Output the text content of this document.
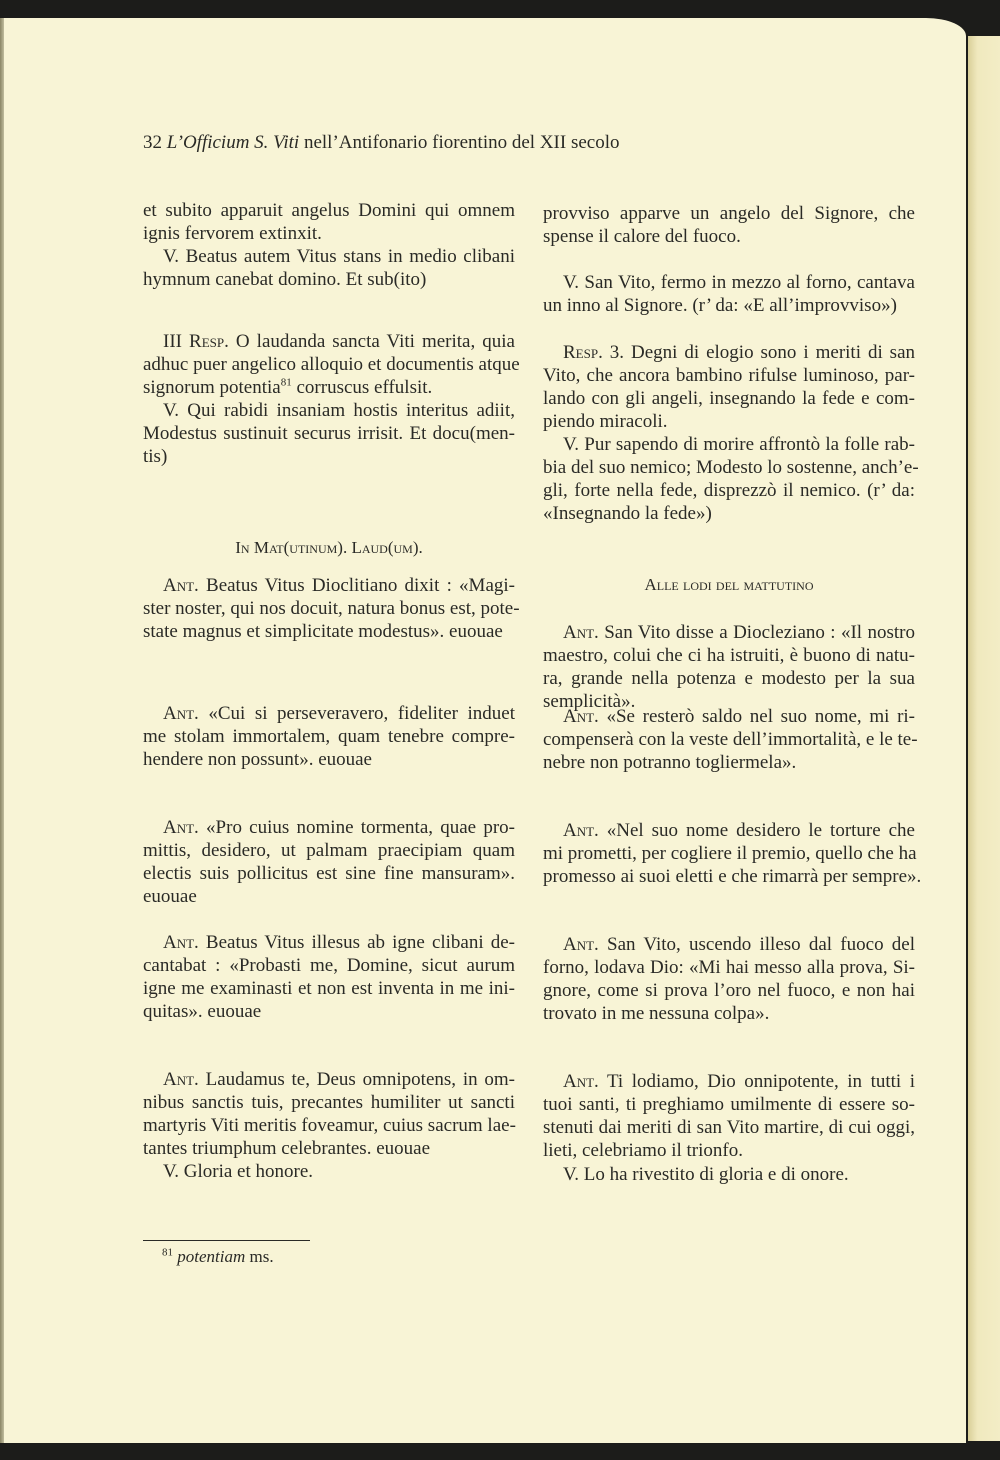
32 L’Officium S. Viti nell’Antifonario fiorentino del XII secolo
et subito apparuit angelus Domini qui omnem
ignis fervorem extinxit.
V. Beatus autem Vitus stans in medio clibani
hymnum canebat domino. Et sub(ito)
III Resp. O laudanda sancta Viti merita, quia
adhuc puer angelico alloquio et documentis atque
signorum potentia$^{81}$ corruscus effulsit.
V. Qui rabidi insaniam hostis interitus adiit,
Modestus sustinuit securus irrisit. Et docu(men-
tis)
Ant. Beatus Vitus Dioclitiano dixit : «Magi-
ster noster, qui nos docuit, natura bonus est, pote-
state magnus et simplicitate modestus». euouae
Ant. «Cui si perseveravero, fideliter induet
me stolam immortalem, quam tenebre compre-
hendere non possunt». euouae
Ant. «Pro cuius nomine tormenta, quae pro-
mittis, desidero, ut palmam praecipiam quam
electis suis pollicitus est sine fine mansuram».
euouae
Ant. Beatus Vitus illesus ab igne clibani de-
cantabat : «Probasti me, Domine, sicut aurum
igne me examinasti et non est inventa in me ini-
quitas». euouae
Ant. Laudamus te, Deus omnipotens, in om-
nibus sanctis tuis, precantes humiliter ut sancti
martyris Viti meritis foveamur, cuius sacrum lae-
tantes triumphum celebrantes. euouae
V. Gloria et honore.
provviso apparve un angelo del Signore, che
spense il calore del fuoco.
V. San Vito, fermo in mezzo al forno, cantava
un inno al Signore. (r’ da: «E all’improvviso»)
Resp. 3. Degni di elogio sono i meriti di san
Vito, che ancora bambino rifulse luminoso, par-
lando con gli angeli, insegnando la fede e com-
piendo miracoli.
V. Pur sapendo di morire affrontò la folle rab-
bia del suo nemico; Modesto lo sostenne, anch’e-
gli, forte nella fede, disprezzò il nemico. (r’ da:
«Insegnando la fede»)
Ant. San Vito disse a Diocleziano : «Il nostro
maestro, colui che ci ha istruiti, è buono di natu-
ra, grande nella potenza e modesto per la sua
semplicità».
Ant. «Se resterò saldo nel suo nome, mi ri-
compenserà con la veste dell’immortalità, e le te-
nebre non potranno togliermela».
Ant. «Nel suo nome desidero le torture che
mi prometti, per cogliere il premio, quello che ha
promesso ai suoi eletti e che rimarrà per sempre».
Ant. San Vito, uscendo illeso dal fuoco del
forno, lodava Dio: «Mi hai messo alla prova, Si-
gnore, come si prova l’oro nel fuoco, e non hai
trovato in me nessuna colpa».
Ant. Ti lodiamo, Dio onnipotente, in tutti i
tuoi santi, ti preghiamo umilmente di essere so-
stenuti dai meriti di san Vito martire, di cui oggi,
lieti, celebriamo il trionfo.
V. Lo ha rivestito di gloria e di onore.
In Mat(utinum). Laud(um).
Alle lodi del mattutino
$^{81}$ potentiam ms.
